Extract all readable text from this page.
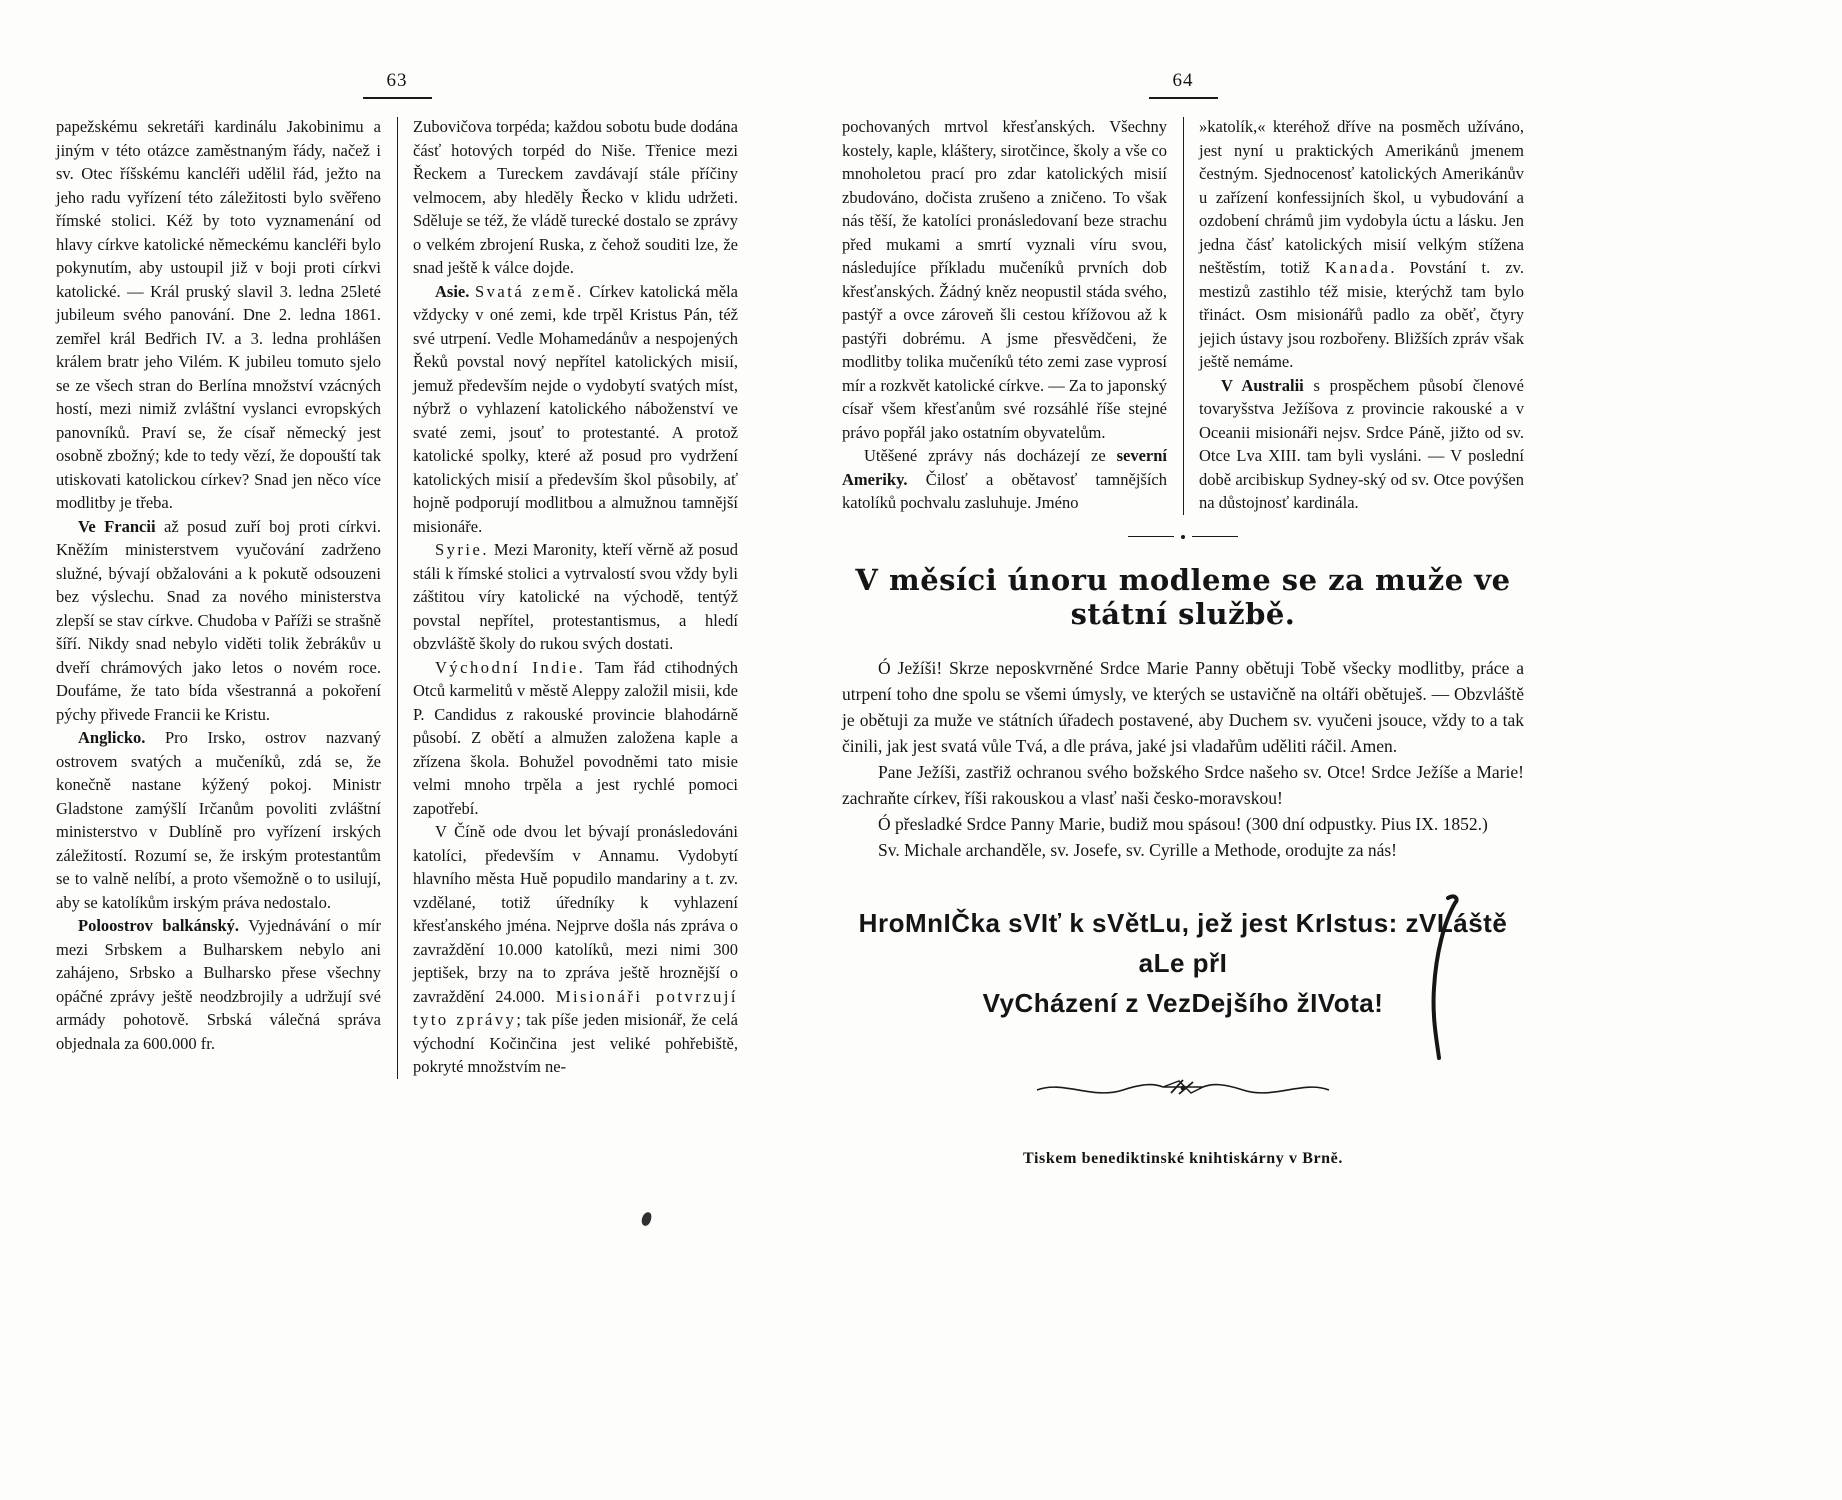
63

papežskému sekretáři kardinálu Jakobinimu a jiným v této otázce zaměstnaným řády, načež i sv. Otec říšskému kancléři udělil řád, ježto na jeho radu vyřízení této záležitosti bylo svěřeno římské stolici. Kéž by toto vyznamenání od hlavy církve katolické německému kancléři bylo pokynutím, aby ustoupil již v boji proti církvi katolické. — Král pruský slavil 3. ledna 25leté jubileum svého panování. Dne 2. ledna 1861. zemřel král Bedřich IV. a 3. ledna prohlášen králem bratr jeho Vilém. K jubileu tomuto sjelo se ze všech stran do Berlína množství vzácných hostí, mezi nimiž zvláštní vyslanci evropských panovníků. Praví se, že císař německý jest osobně zbožný; kde to tedy vězí, že dopouští tak utiskovati katolickou církev? Snad jen něco více modlitby je třeba.

Ve Francii až posud zuří boj proti církvi. Kněžím ministerstvem vyučování zadrženo služné, bývají obžalováni a k pokutě odsouzeni bez výslechu. Snad za nového ministerstva zlepší se stav církve. Chudoba v Paříži se strašně šíří. Nikdy snad nebylo viděti tolik žebrákův u dveří chrámových jako letos o novém roce. Doufáme, že tato bída všestranná a pokoření pýchy přivede Francii ke Kristu.

Anglicko. Pro Irsko, ostrov nazvaný ostrovem svatých a mučeníků, zdá se, že konečně nastane kýžený pokoj. Ministr Gladstone zamýšlí Irčanům povoliti zvláštní ministerstvo v Dublíně pro vyřízení irských záležitostí. Rozumí se, že irským protestantům se to valně nelíbí, a proto všemožně o to usilují, aby se katolíkům irským práva nedostalo.

Poloostrov balkánský. Vyjednávání o mír mezi Srbskem a Bulharskem nebylo ani zahájeno, Srbsko a Bulharsko přese všechny opáčné zprávy ještě neodzbrojily a udržují své armády pohotově. Srbská válečná správa objednala za 600.000 fr.

Zubovičova torpéda; každou sobotu bude dodána čásť hotových torpéd do Niše. Třenice mezi Řeckem a Tureckem zavdávají stále příčiny velmocem, aby hleděly Řecko v klidu udržeti. Sděluje se též, že vládě turecké dostalo se zprávy o velkém zbrojení Ruska, z čehož souditi lze, že snad ještě k válce dojde.

Asie. Svatá země. Církev katolická měla vždycky v oné zemi, kde trpěl Kristus Pán, též své utrpení. Vedle Mohamedánův a nespojených Řeků povstal nový nepřítel katolických misií, jemuž především nejde o vydobytí svatých míst, nýbrž o vyhlazení katolického náboženství ve svaté zemi, jsouť to protestanté. A protož katolické spolky, které až posud pro vydržení katolických misií a především škol působily, ať hojně podporují modlitbou a almužnou tamnější misionáře.

Syrie. Mezi Maronity, kteří věrně až posud stáli k římské stolici a vytrvalostí svou vždy byli záštitou víry katolické na východě, tentýž povstal nepřítel, protestantismus, a hledí obzvláště školy do rukou svých dostati.

Východní Indie. Tam řád ctihodných Otců karmelitů v městě Aleppy založil misii, kde P. Candidus z rakouské provincie blahodárně působí. Z obětí a almužen založena kaple a zřízena škola. Bohužel povodněmi tato misie velmi mnoho trpěla a jest rychlé pomoci zapotřebí.

V Číně ode dvou let bývají pronásledováni katolíci, především v Annamu. Vydobytí hlavního města Huě popudilo mandariny a t. zv. vzdělané, totiž úředníky k vyhlazení křesťanského jména. Nejprve došla nás zpráva o zavraždění 10.000 katolíků, mezi nimi 300 jeptišek, brzy na to zpráva ještě hroznější o zavraždění 24.000. Misionáři potvrzují tyto zprávy; tak píše jeden misionář, že celá východní Kočinčina jest veliké pohřebiště, pokryté množstvím ne-

64

pochovaných mrtvol křesťanských. Všechny kostely, kaple, kláštery, sirotčince, školy a vše co mnoholetou prací pro zdar katolických misií zbudováno, dočista zrušeno a zničeno. To však nás těší, že katolíci pronásledovaní beze strachu před mukami a smrtí vyznali víru svou, následujíce příkladu mučeníků prvních dob křesťanských. Žádný kněz neopustil stáda svého, pastýř a ovce zároveň šli cestou křížovou až k pastýři dobrému. A jsme přesvědčeni, že modlitby tolika mučeníků této zemi zase vyprosí mír a rozkvět katolické církve. — Za to japonský císař všem křesťanům své rozsáhlé říše stejné právo popřál jako ostatním obyvatelům.

Utěšené zprávy nás docházejí ze severní Ameriky. Čilosť a obětavosť tamnějších katolíků pochvalu zasluhuje. Jméno

»katolík,« kteréhož dříve na posměch užíváno, jest nyní u praktických Amerikánů jmenem čestným. Sjednocenosť katolických Amerikánův u zařízení konfessijních škol, u vybudování a ozdobení chrámů jim vydobyla úctu a lásku. Jen jedna čásť katolických misií velkým stížena neštěstím, totiž Kanada. Povstání t. zv. mestizů zastihlo též misie, kterýchž tam bylo třináct. Osm misionářů padlo za oběť, čtyry jejich ústavy jsou rozbořeny. Bližších zpráv však ještě nemáme.

V Australii s prospěchem působí členové tovaryšstva Ježíšova z provincie rakouské a v Oceanii misionáři nejsv. Srdce Páně, jižto od sv. Otce Lva XIII. tam byli vysláni. — V poslední době arcibiskup Sydney-ský od sv. Otce povýšen na důstojnosť kardinála.

V měsíci únoru modleme se za muže ve státní službě.

Ó Ježíši! Skrze neposkvrněné Srdce Marie Panny obětuji Tobě všecky modlitby, práce a utrpení toho dne spolu se všemi úmysly, ve kterých se ustavičně na oltáři obětuješ. — Obzvláště je obětuji za muže ve státních úřadech postavené, aby Duchem sv. vyučeni jsouce, vždy to a tak činili, jak jest svatá vůle Tvá, a dle práva, jaké jsi vladařům uděliti ráčil. Amen.

Pane Ježíši, zastřiž ochranou svého božského Srdce našeho sv. Otce! Srdce Ježíše a Marie! zachraňte církev, říši rakouskou a vlasť naši česko-moravskou!

Ó přesladké Srdce Panny Marie, budiž mou spásou! (300 dní odpustky. Pius IX. 1852.)

Sv. Michale archanděle, sv. Josefe, sv. Cyrille a Methode, orodujte za nás!

HroMnIČka sVIť k sVětLu, jež jest KrIstus: zVLáště aLe přI
VyCházení z VezDejšího žIVota!
Tiskem benediktinské knihtiskárny v Brně.
